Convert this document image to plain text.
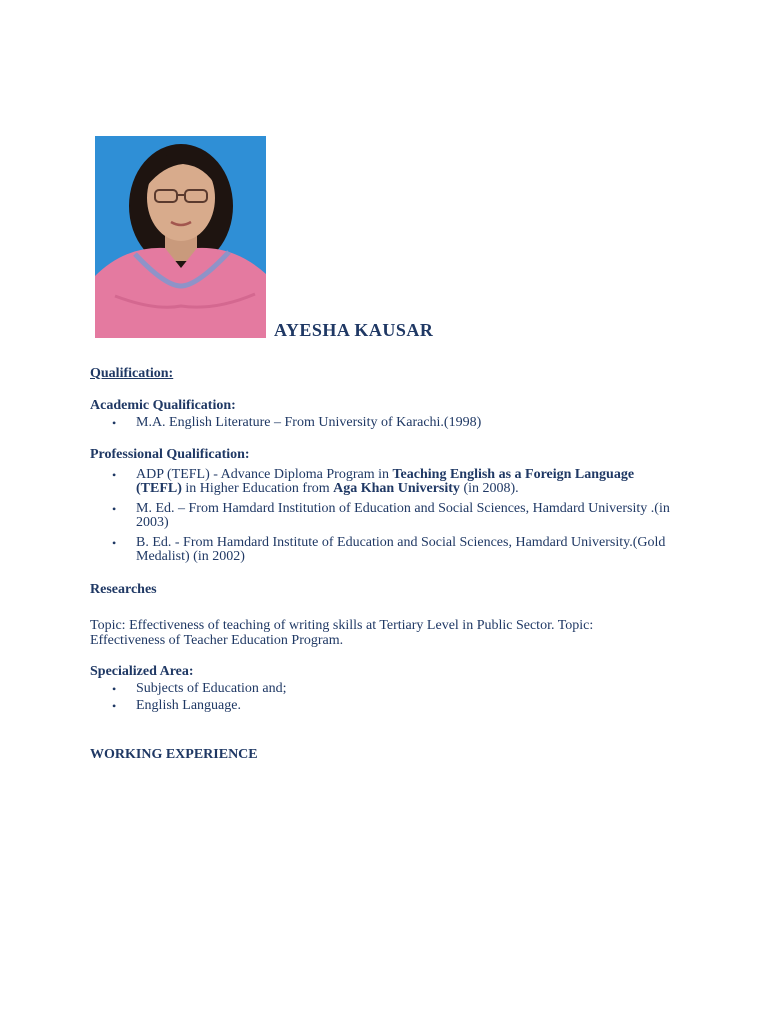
AYESHA KAUSAR
Qualification:
Academic Qualification:
• M.A. English Literature – From University of Karachi.(1998)
Professional Qualification:
• ADP (TEFL) - Advance Diploma Program in Teaching English as a Foreign Language (TEFL) in Higher Education from Aga Khan University (in 2008).
• M. Ed. – From Hamdard Institution of Education and Social Sciences, Hamdard University .(in 2003)
• B. Ed. - From Hamdard Institute of Education and Social Sciences, Hamdard University.(Gold Medalist) (in 2002)
Researches
Topic: Effectiveness of teaching of writing skills at Tertiary Level in Public Sector. Topic: Effectiveness of Teacher Education Program.
Specialized Area:
• Subjects of Education and;
• English Language.
WORKING EXPERIENCE
